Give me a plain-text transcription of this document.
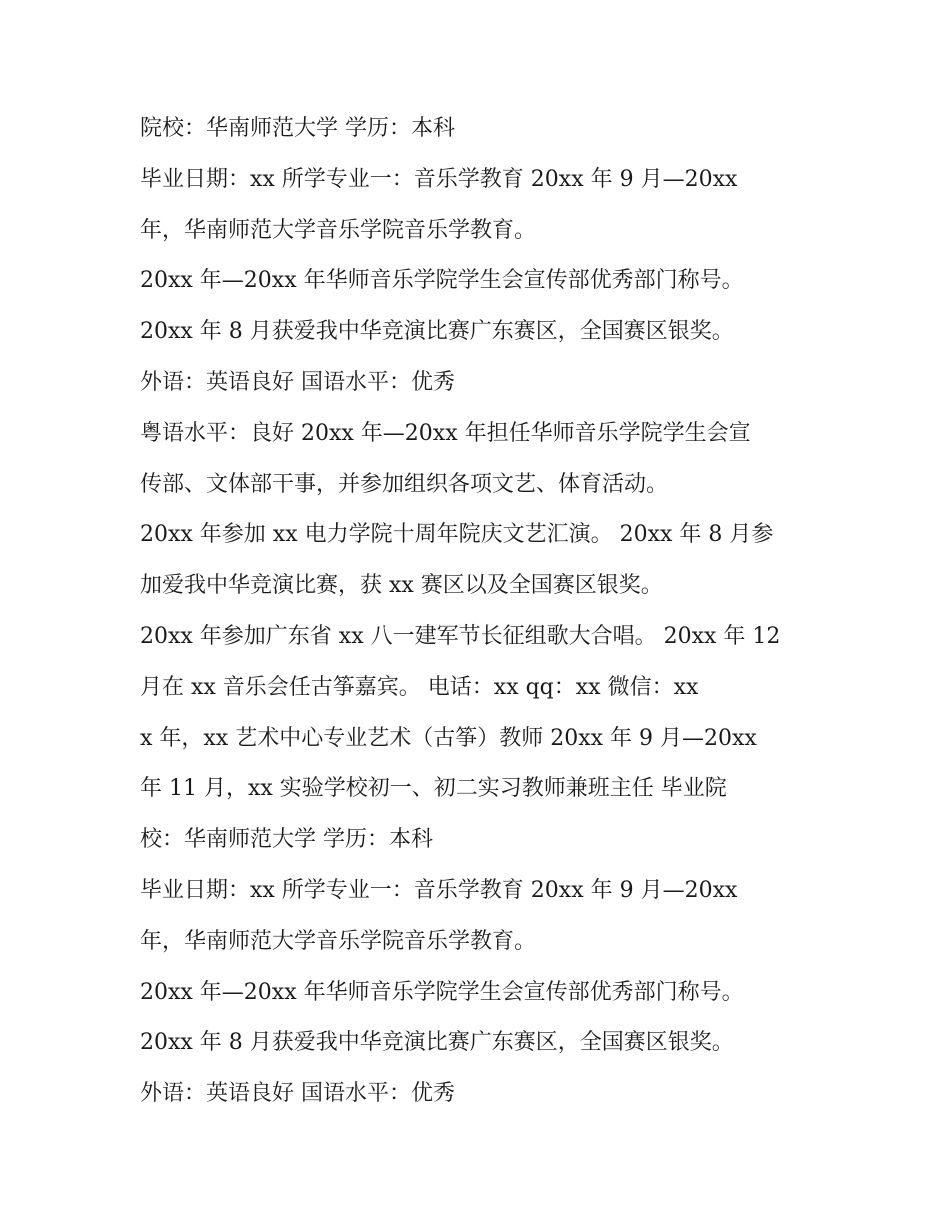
院校：华南师范大学 学历：本科

毕业日期：xx 所学专业一：音乐学教育 20xx 年 9 月—20xx

年，华南师范大学音乐学院音乐学教育。

20xx 年—20xx 年华师音乐学院学生会宣传部优秀部门称号。

20xx 年 8 月获爱我中华竞演比赛广东赛区，全国赛区银奖。

外语：英语良好 国语水平：优秀

粤语水平：良好 20xx 年—20xx 年担任华师音乐学院学生会宣

传部、文体部干事，并参加组织各项文艺、体育活动。

20xx 年参加 xx 电力学院十周年院庆文艺汇演。 20xx 年 8 月参

加爱我中华竞演比赛，获 xx 赛区以及全国赛区银奖。

20xx 年参加广东省 xx 八一建军节长征组歌大合唱。 20xx 年 12

月在 xx 音乐会任古筝嘉宾。 电话：xx qq：xx 微信：xx

x 年，xx 艺术中心专业艺术（古筝）教师 20xx 年 9 月—20xx

年 11 月，xx 实验学校初一、初二实习教师兼班主任 毕业院

校：华南师范大学 学历：本科

毕业日期：xx 所学专业一：音乐学教育 20xx 年 9 月—20xx

年，华南师范大学音乐学院音乐学教育。

20xx 年—20xx 年华师音乐学院学生会宣传部优秀部门称号。

20xx 年 8 月获爱我中华竞演比赛广东赛区，全国赛区银奖。

外语：英语良好 国语水平：优秀
